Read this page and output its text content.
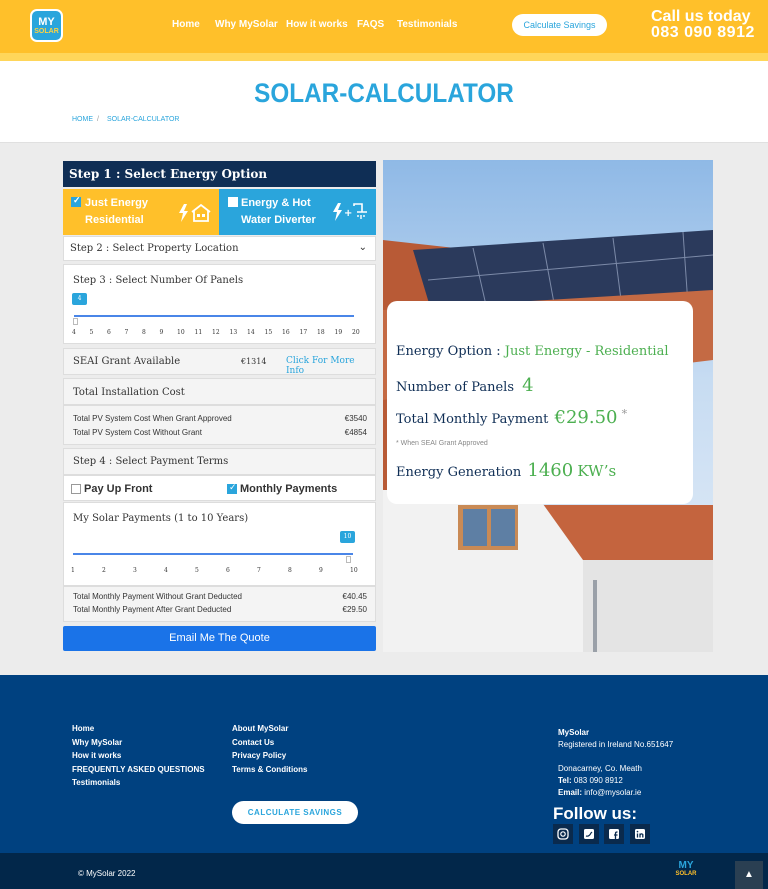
MY
SOLAR
Home Why MySolar How it works FAQS Testimonials	Calculate Savings	Call us today
083 090 8912
SOLAR-CALCULATOR
HOME / SOLAR-CALCULATOR
Step 1 : Select Energy Option
✓
Just Energy
Residential
Energy & Hot
Water Diverter
+
Step 2 : Select Property Location	⌄
Step 3 : Select Number Of Panels
4
4 5 6 7 8 9 10 11 12 13 14 15 16 17 18 19 20
SEAI Grant Available	€1314 Click For More Info
Total Installation Cost
Total PV System Cost When Grant Approved	€3540
Total PV System Cost Without Grant	€4854
Step 4 : Select Payment Terms
Pay Up Front
✓	Monthly Payments
My Solar Payments (1 to 10 Years)
10
1	2	3	4	5	6	7	8	9	10
Total Monthly Payment Without Grant Deducted	€40.45
Total Monthly Payment After Grant Deducted	€29.50
Email Me The Quote
Energy Option : Just Energy - Residential
Number of Panels 4
Total Monthly Payment €29.50 *
* When SEAI Grant Approved
Energy Generation 1460 KW’s
Home
Why MySolar
How it works
FREQUENTLY ASKED QUESTIONS
Testimonials
About MySolar
Contact Us
Privacy Policy
Terms & Conditions
MySolar
Registered in Ireland No.651647
Donacarney, Co. Meath
Tel: 083 090 8912
Email: info@mysolar.ie
CALCULATE SAVINGS	Follow us:
© MySolar 2022
MY
SOLAR	▲
